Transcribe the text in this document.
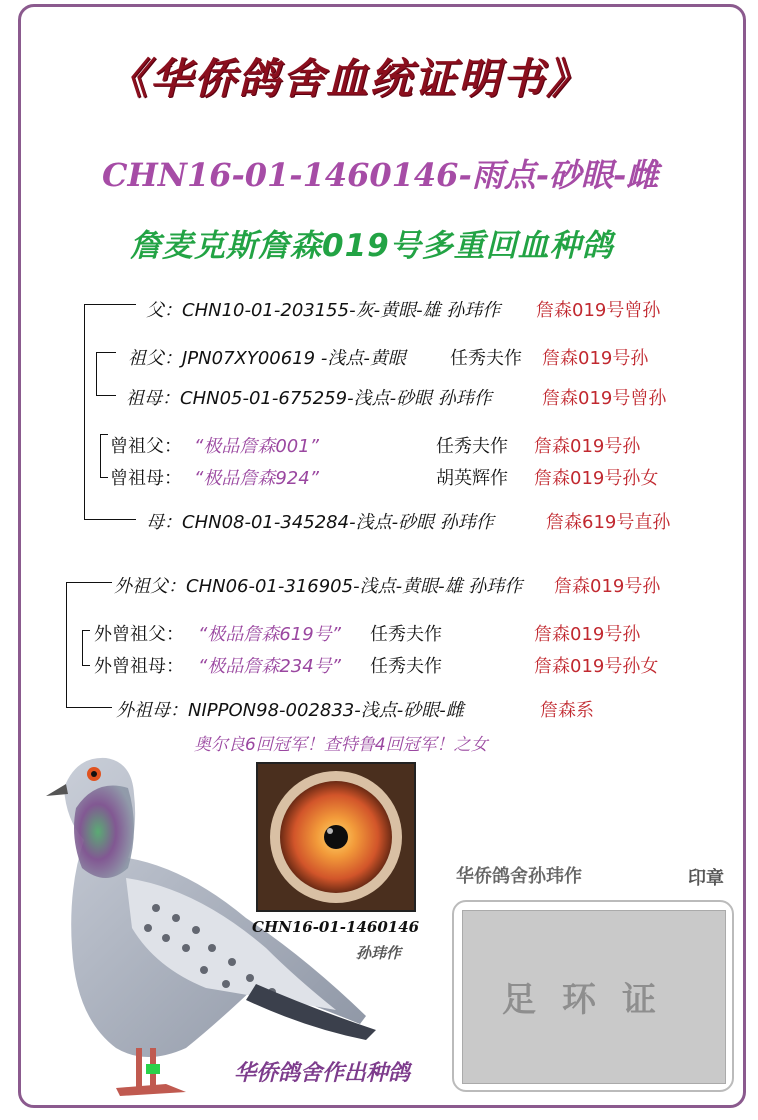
《华侨鸽舍血统证明书》
CHN16-01-1460146-雨点-砂眼-雌
詹麦克斯詹森019号多重回血种鸽
父：CHN10-01-203155-灰-黄眼-雄 孙玮作 詹森019号曾孙
祖父：JPN07XY00619 -浅点-黄眼 任秀夫作 詹森019号孙
祖母：CHN05-01-675259-浅点-砂眼 孙玮作	詹森019号曾孙
曾祖父： “极品詹森001”	任秀夫作 詹森019号孙
曾祖母： “极品詹森924”	胡英辉作 詹森019号孙女
母：CHN08-01-345284-浅点-砂眼 孙玮作	詹森619号直孙
外祖父：CHN06-01-316905-浅点-黄眼-雄 孙玮作 詹森019号孙
外曾祖父： “极品詹森619号” 任秀夫作	詹森019号孙
外曾祖母： “极品詹森234号” 任秀夫作	詹森019号孙女
外祖母：NIPPON98-002833-浅点-砂眼-雌	詹森系
奥尔良6回冠军！查特鲁4回冠军！之女
CHN16-01-1460146
孙玮作
华侨鸽舍孙玮作	印章
足环证
华侨鸽舍作出种鸽
